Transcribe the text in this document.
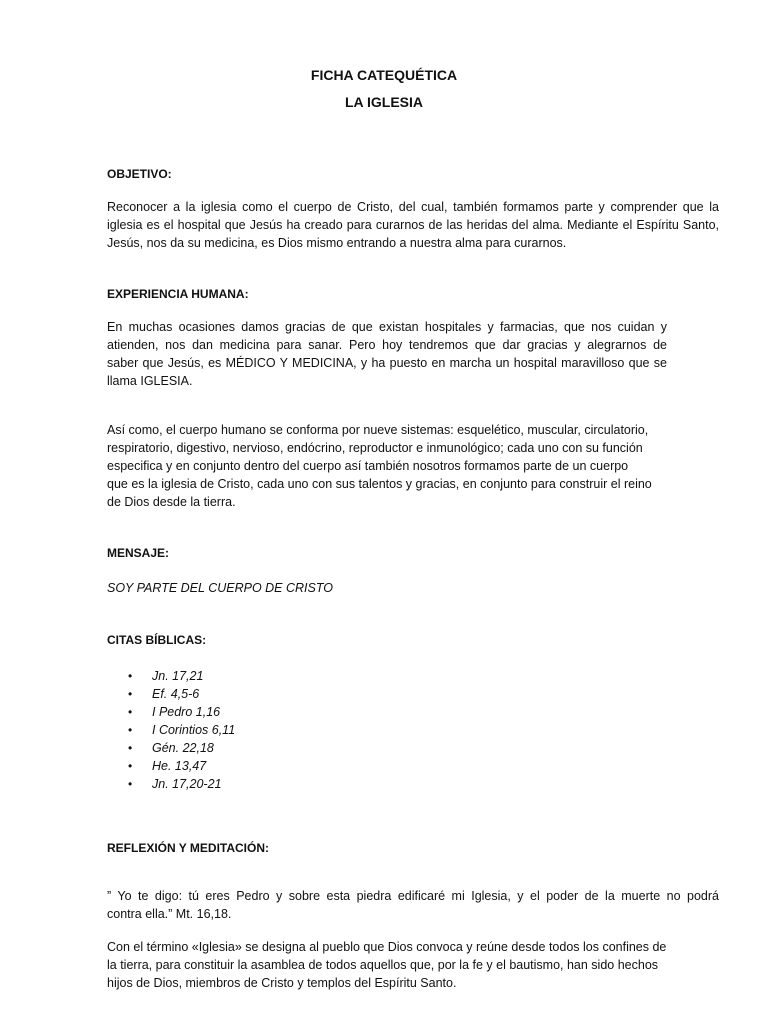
FICHA CATEQUÉTICA
LA IGLESIA
OBJETIVO:
Reconocer a la iglesia como el cuerpo de Cristo, del cual, también formamos parte y comprender que la
iglesia es el hospital que Jesús ha creado para curarnos de las heridas del alma. Mediante el Espíritu Santo,
Jesús, nos da su medicina, es Dios mismo entrando a nuestra alma para curarnos.
EXPERIENCIA HUMANA:
En muchas ocasiones damos gracias de que existan hospitales y farmacias, que nos cuidan y
atienden, nos dan medicina para sanar. Pero hoy tendremos que dar gracias y alegrarnos de
saber que Jesús, es MÉDICO Y MEDICINA, y ha puesto en marcha un hospital maravilloso que se
llama IGLESIA.
Así como, el cuerpo humano se conforma por nueve sistemas: esquelético, muscular, circulatorio,
respiratorio, digestivo, nervioso, endócrino, reproductor e inmunológico; cada uno con su función
especifica y en conjunto dentro del cuerpo así también nosotros formamos parte de un cuerpo
que es la iglesia de Cristo, cada uno con sus talentos y gracias, en conjunto para construir el reino
de Dios desde la tierra.
MENSAJE:
SOY PARTE DEL CUERPO DE CRISTO
CITAS BÍBLICAS:
• Jn. 17,21
• Ef. 4,5-6
• I Pedro 1,16
• I Corintios 6,11
• Gén. 22,18
• He. 13,47
• Jn. 17,20-21
REFLEXIÓN Y MEDITACIÓN:
” Yo te digo: tú eres Pedro y sobre esta piedra edificaré mi Iglesia, y el poder de la muerte no podrá
contra ella.” Mt. 16,18.
Con el término «Iglesia» se designa al pueblo que Dios convoca y reúne desde todos los confines de
la tierra, para constituir la asamblea de todos aquellos que, por la fe y el bautismo, han sido hechos
hijos de Dios, miembros de Cristo y templos del Espíritu Santo.
